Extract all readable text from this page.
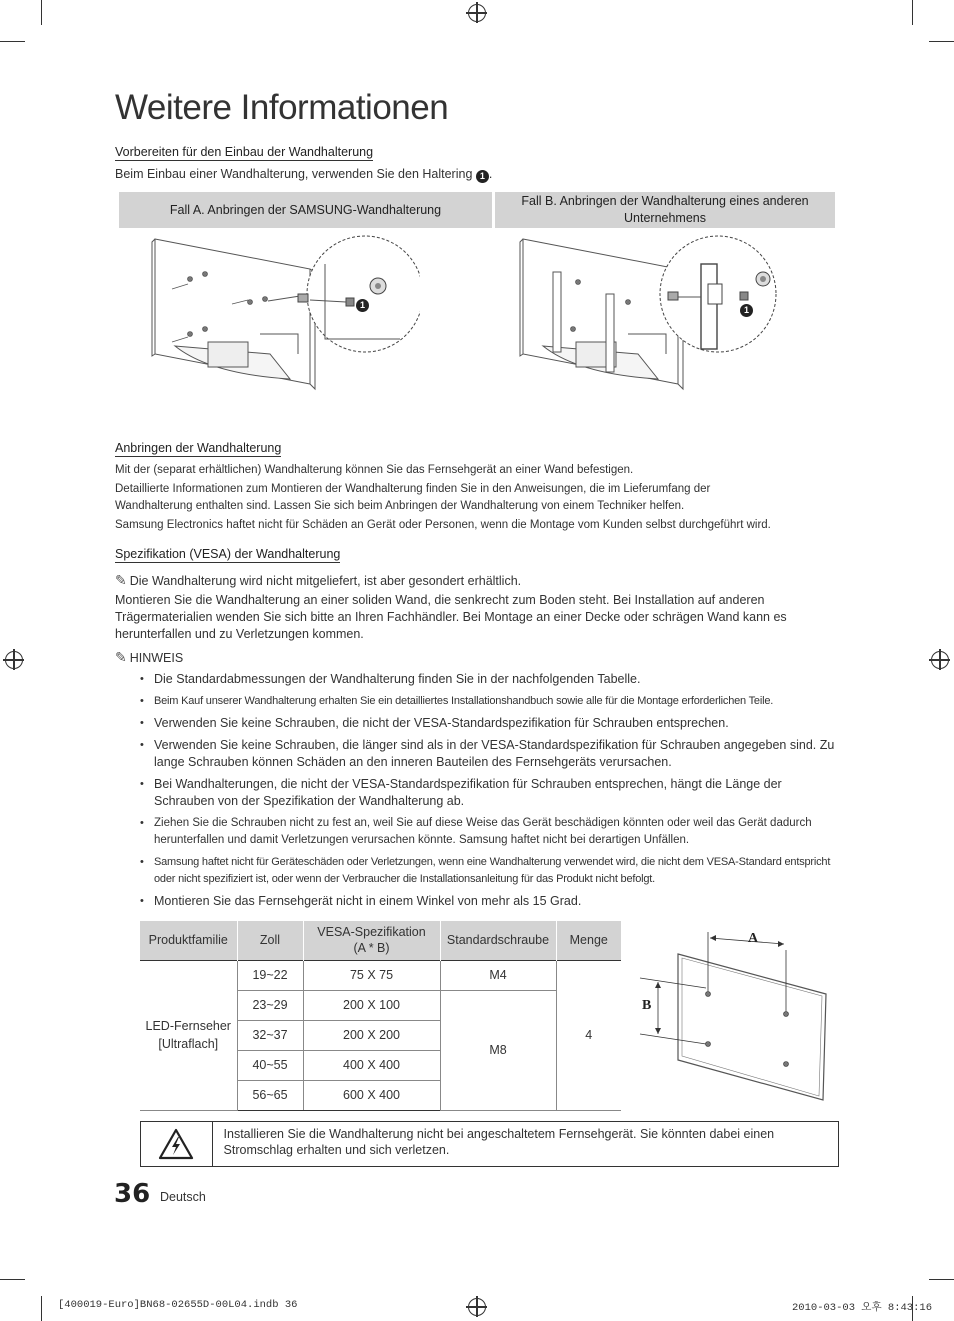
Weitere Informationen
Vorbereiten für den Einbau der Wandhalterung
Beim Einbau einer Wandhalterung, verwenden Sie den Haltering 1 .
Fall A. Anbringen der SAMSUNG-Wandhalterung
Fall B. Anbringen der Wandhalterung eines anderen Unternehmens
1	1
Anbringen der Wandhalterung
Mit der (separat erhältlichen) Wandhalterung können Sie das Fernsehgerät an einer Wand befestigen.
Detaillierte Informationen zum Montieren der Wandhalterung finden Sie in den Anweisungen, die im Lieferumfang der
Wandhalterung enthalten sind. Lassen Sie sich beim Anbringen der Wandhalterung von einem Techniker helfen.
Samsung Electronics haftet nicht für Schäden an Gerät oder Personen, wenn die Montage vom Kunden selbst durchgeführt wird.
Spezifikation (VESA) der Wandhalterung
✎ Die Wandhalterung wird nicht mitgeliefert, ist aber gesondert erhältlich.
Montieren Sie die Wandhalterung an einer soliden Wand, die senkrecht zum Boden steht. Bei Installation auf anderen
Trägermaterialien wenden Sie sich bitte an Ihren Fachhändler. Bei Montage an einer Decke oder schrägen Wand kann es
herunterfallen und zu Verletzungen kommen.
✎ HINWEIS
• Die Standardabmessungen der Wandhalterung finden Sie in der nachfolgenden Tabelle.
• Beim Kauf unserer Wandhalterung erhalten Sie ein detailliertes Installationshandbuch sowie alle für die Montage erforderlichen Teile.
• Verwenden Sie keine Schrauben, die nicht der VESA-Standardspezifikation für Schrauben entsprechen.
• Verwenden Sie keine Schrauben, die länger sind als in der VESA-Standardspezifikation für Schrauben angegeben sind. Zu lange Schrauben können Schäden an den inneren Bauteilen des Fernsehgeräts verursachen.
• Bei Wandhalterungen, die nicht der VESA-Standardspezifikation für Schrauben entsprechen, hängt die Länge der Schrauben von der Spezifikation der Wandhalterung ab.
• Ziehen Sie die Schrauben nicht zu fest an, weil Sie auf diese Weise das Gerät beschädigen könnten oder weil das Gerät dadurch herunterfallen und damit Verletzungen verursachen könnte. Samsung haftet nicht bei derartigen Unfällen.
• Samsung haftet nicht für Geräteschäden oder Verletzungen, wenn eine Wandhalterung verwendet wird, die nicht dem VESA-Standard entspricht oder nicht spezifiziert ist, oder wenn der Verbraucher die Installationsanleitung für das Produkt nicht befolgt.
• Montieren Sie das Fernsehgerät nicht in einem Winkel von mehr als 15 Grad.
Produktfamilie	Zoll	VESA-Spezifikation (A * B)	Standardschraube	Menge
LED-Fernseher [Ultraflach]	19~22	75 X 75	M4	4
	23~29	200 X 100	M8	
	32~37	200 X 200		
	40~55	400 X 400		
	56~65	600 X 400		
A
B
Installieren Sie die Wandhalterung nicht bei angeschaltetem Fernsehgerät. Sie könnten dabei einen Stromschlag erhalten und sich verletzen.
36 Deutsch
[400019-Euro]BN68-02655D-00L04.indb 36	2010-03-03 오후 8:43:16
